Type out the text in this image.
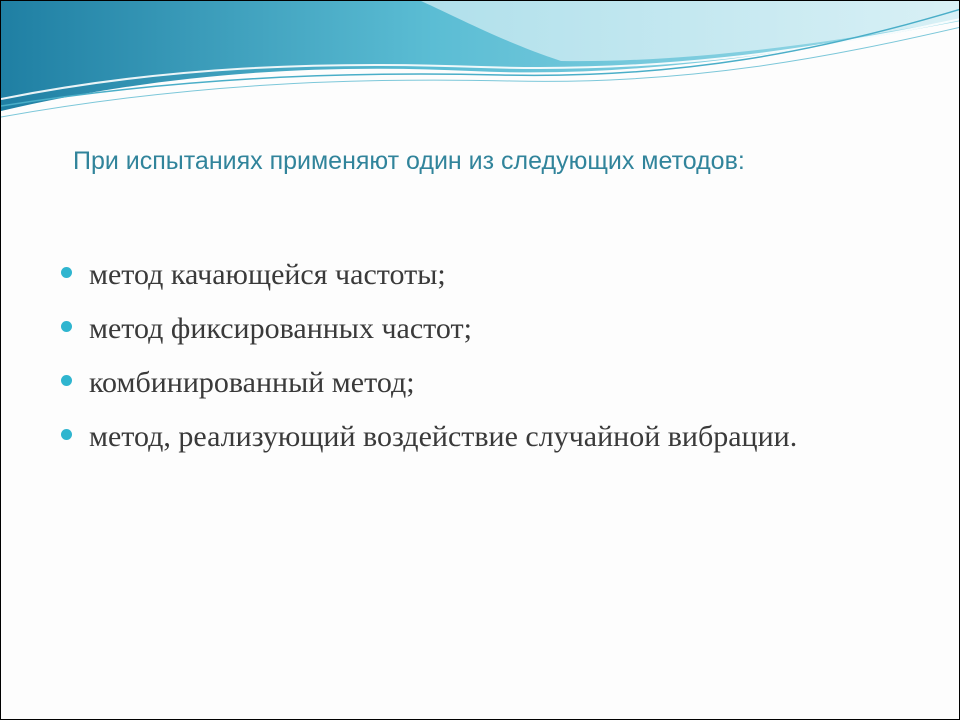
При испытаниях применяют один из следующих методов:
метод качающейся частоты;
метод фиксированных частот;
комбинированный метод;
метод, реализующий воздействие случайной вибрации.
